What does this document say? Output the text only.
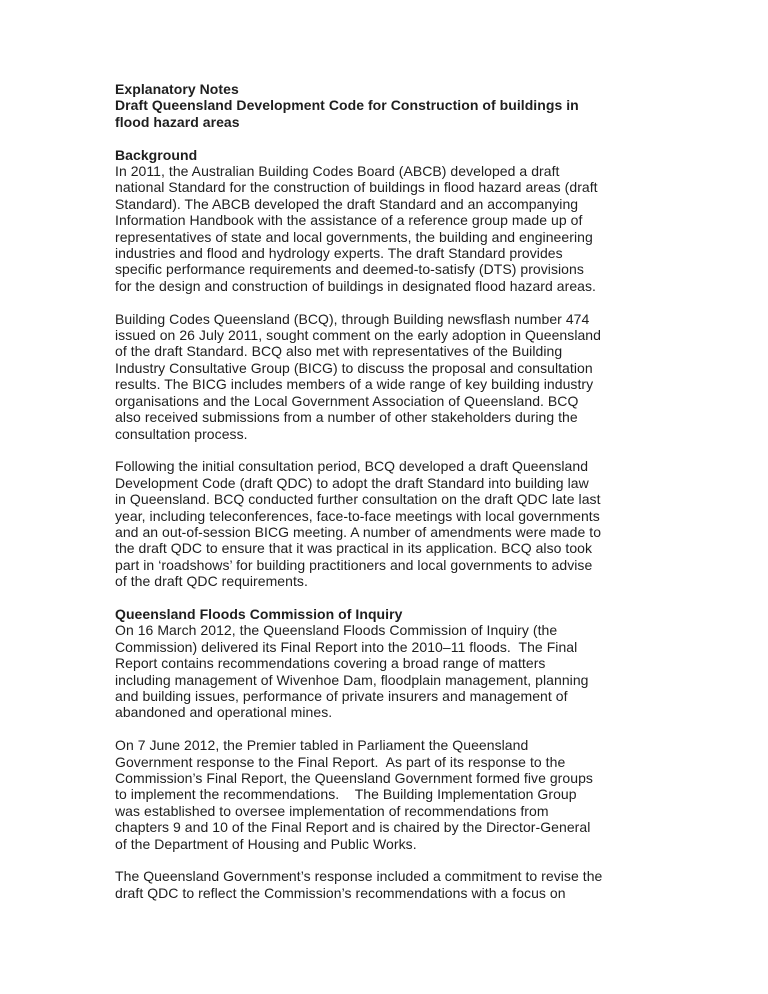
Explanatory Notes
Draft Queensland Development Code for Construction of buildings in
flood hazard areas
Background
In 2011, the Australian Building Codes Board (ABCB) developed a draft
national Standard for the construction of buildings in flood hazard areas (draft
Standard). The ABCB developed the draft Standard and an accompanying
Information Handbook with the assistance of a reference group made up of
representatives of state and local governments, the building and engineering
industries and flood and hydrology experts. The draft Standard provides
specific performance requirements and deemed-to-satisfy (DTS) provisions
for the design and construction of buildings in designated flood hazard areas.
Building Codes Queensland (BCQ), through Building newsflash number 474
issued on 26 July 2011, sought comment on the early adoption in Queensland
of the draft Standard. BCQ also met with representatives of the Building
Industry Consultative Group (BICG) to discuss the proposal and consultation
results. The BICG includes members of a wide range of key building industry
organisations and the Local Government Association of Queensland. BCQ
also received submissions from a number of other stakeholders during the
consultation process.
Following the initial consultation period, BCQ developed a draft Queensland
Development Code (draft QDC) to adopt the draft Standard into building law
in Queensland. BCQ conducted further consultation on the draft QDC late last
year, including teleconferences, face-to-face meetings with local governments
and an out-of-session BICG meeting. A number of amendments were made to
the draft QDC to ensure that it was practical in its application. BCQ also took
part in ‘roadshows’ for building practitioners and local governments to advise
of the draft QDC requirements.
Queensland Floods Commission of Inquiry
On 16 March 2012, the Queensland Floods Commission of Inquiry (the
Commission) delivered its Final Report into the 2010–11 floods.  The Final
Report contains recommendations covering a broad range of matters
including management of Wivenhoe Dam, floodplain management, planning
and building issues, performance of private insurers and management of
abandoned and operational mines.
On 7 June 2012, the Premier tabled in Parliament the Queensland
Government response to the Final Report.  As part of its response to the
Commission’s Final Report, the Queensland Government formed five groups
to implement the recommendations.    The Building Implementation Group
was established to oversee implementation of recommendations from
chapters 9 and 10 of the Final Report and is chaired by the Director-General
of the Department of Housing and Public Works.
The Queensland Government’s response included a commitment to revise the
draft QDC to reflect the Commission’s recommendations with a focus on
